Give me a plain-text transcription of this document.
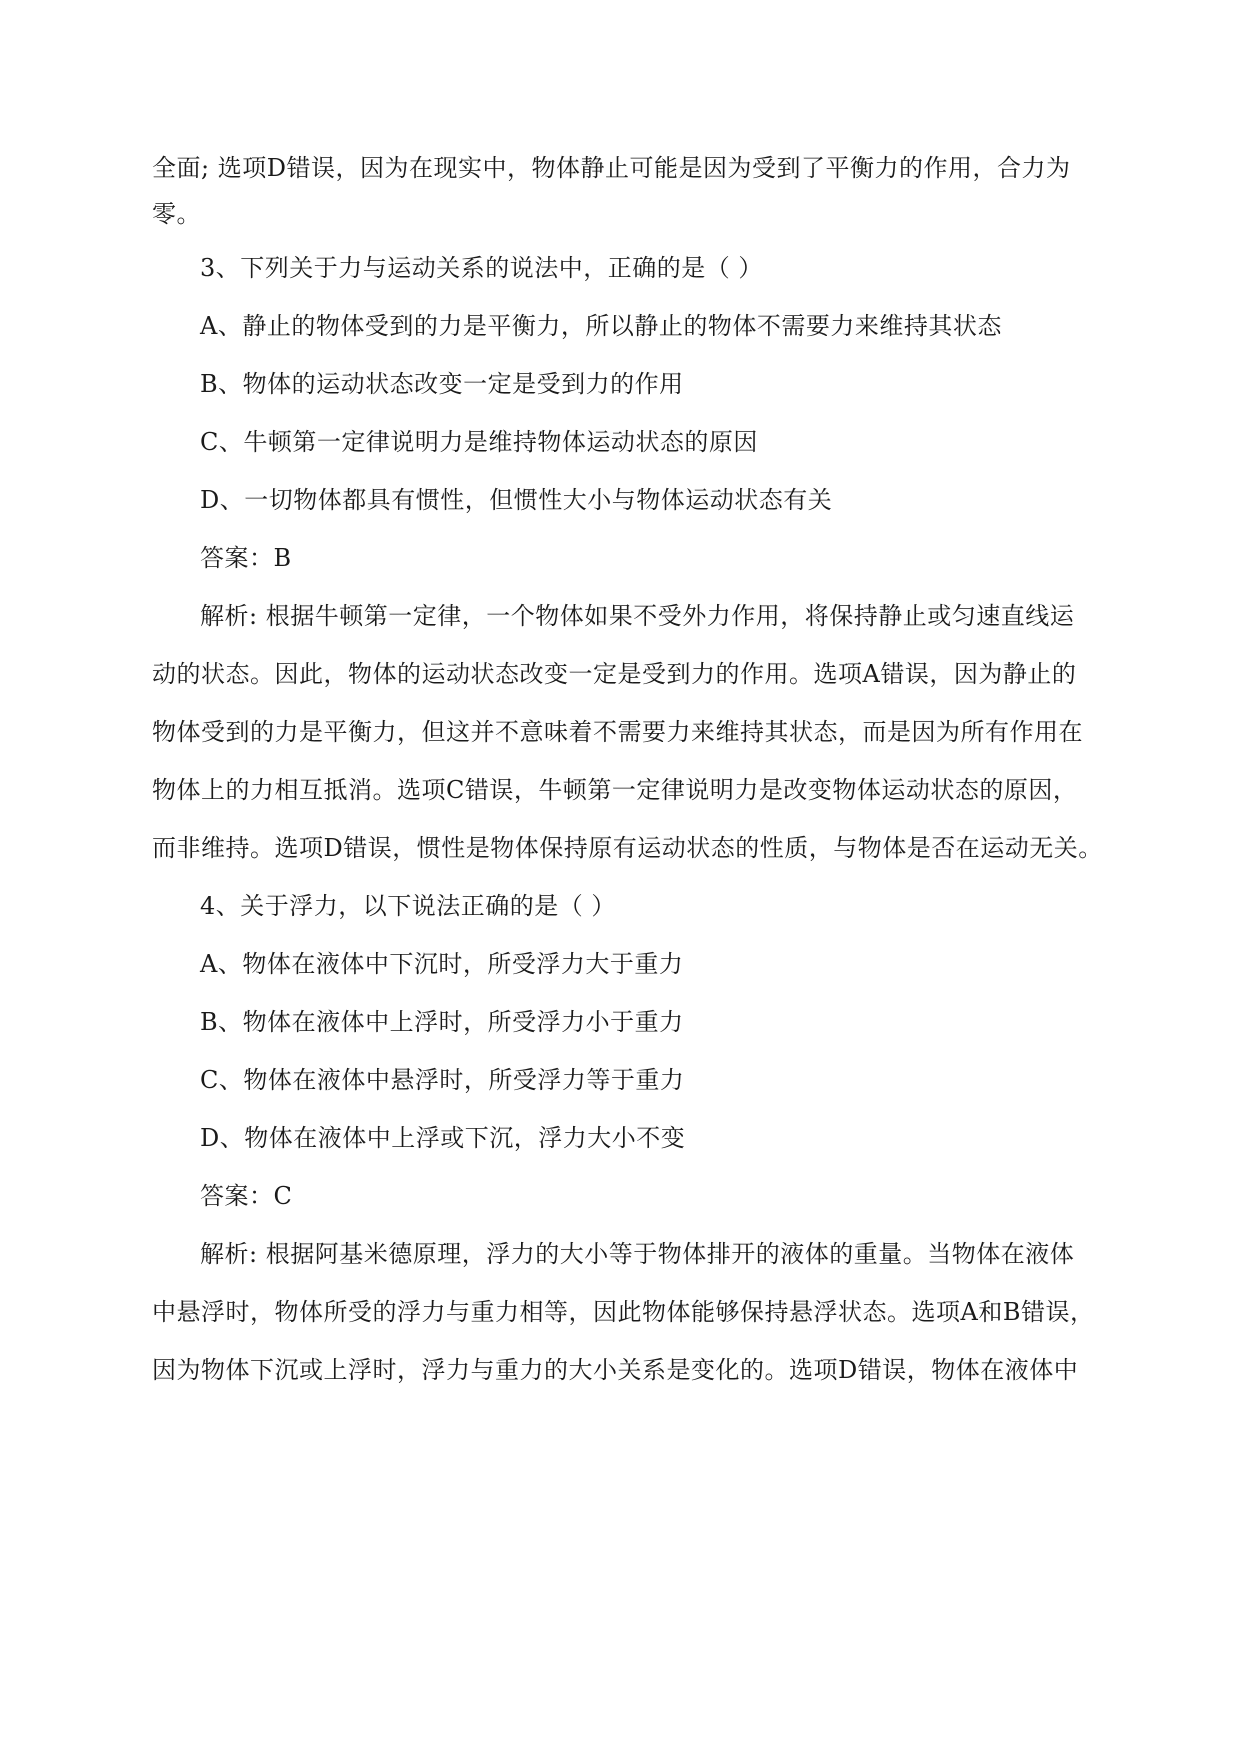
全面; 选项D错误，因为在现实中，物体静止可能是因为受到了平衡力的作用，合力为
零。
3、下列关于力与运动关系的说法中，正确的是（ ）
A、静止的物体受到的力是平衡力，所以静止的物体不需要力来维持其状态
B、物体的运动状态改变一定是受到力的作用
C、牛顿第一定律说明力是维持物体运动状态的原因
D、一切物体都具有惯性，但惯性大小与物体运动状态有关
答案：B
解析: 根据牛顿第一定律，一个物体如果不受外力作用，将保持静止或匀速直线运
动的状态。因此，物体的运动状态改变一定是受到力的作用。选项A错误，因为静止的
物体受到的力是平衡力，但这并不意味着不需要力来维持其状态，而是因为所有作用在
物体上的力相互抵消。选项C错误，牛顿第一定律说明力是改变物体运动状态的原因，
而非维持。选项D错误，惯性是物体保持原有运动状态的性质，与物体是否在运动无关。
4、关于浮力，以下说法正确的是（ ）
A、物体在液体中下沉时，所受浮力大于重力
B、物体在液体中上浮时，所受浮力小于重力
C、物体在液体中悬浮时，所受浮力等于重力
D、物体在液体中上浮或下沉，浮力大小不变
答案：C
解析: 根据阿基米德原理，浮力的大小等于物体排开的液体的重量。当物体在液体
中悬浮时，物体所受的浮力与重力相等，因此物体能够保持悬浮状态。选项A和B错误，
因为物体下沉或上浮时，浮力与重力的大小关系是变化的。选项D错误，物体在液体中
